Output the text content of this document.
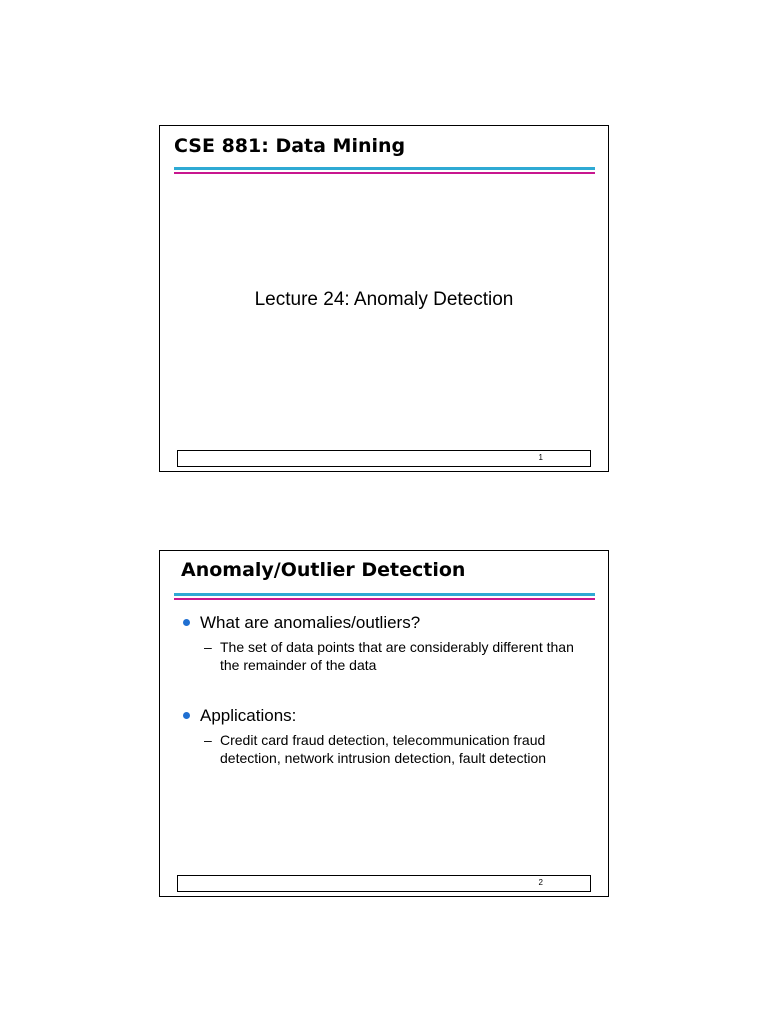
CSE 881: Data Mining
Lecture 24: Anomaly Detection
1
Anomaly/Outlier Detection
What are anomalies/outliers?
– The set of data points that are considerably different than the remainder of the data
Applications:
– Credit card fraud detection, telecommunication fraud detection, network intrusion detection, fault detection
2
